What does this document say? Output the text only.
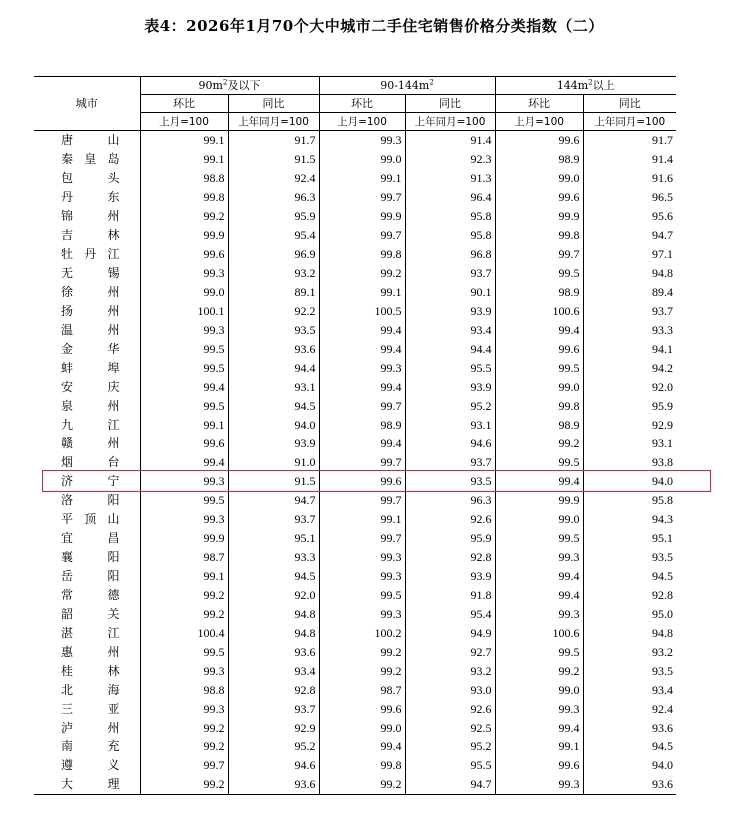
表4：2026年1月70个大中城市二手住宅销售价格分类指数（二）
城市	$90m^2$及以下		$90-144m^2$		$144m^2$以上	
	环比	同比	环比	同比	环比	同比
	上月=100	上年同月=100	上月=100	上年同月=100	上月=100	上年同月=100
唐山	99.1	91.7	99.3	91.4	99.6	91.7
秦皇岛	99.1	91.5	99.0	92.3	98.9	91.4
包头	98.8	92.4	99.1	91.3	99.0	91.6
丹东	99.8	96.3	99.7	96.4	99.6	96.5
锦州	99.2	95.9	99.9	95.8	99.9	95.6
吉林	99.9	95.4	99.7	95.8	99.8	94.7
牡丹江	99.6	96.9	99.8	96.8	99.7	97.1
无锡	99.3	93.2	99.2	93.7	99.5	94.8
徐州	99.0	89.1	99.1	90.1	98.9	89.4
扬州	100.1	92.2	100.5	93.9	100.6	93.7
温州	99.3	93.5	99.4	93.4	99.4	93.3
金华	99.5	93.6	99.4	94.4	99.6	94.1
蚌埠	99.5	94.4	99.3	95.5	99.5	94.2
安庆	99.4	93.1	99.4	93.9	99.0	92.0
泉州	99.5	94.5	99.7	95.2	99.8	95.9
九江	99.1	94.0	98.9	93.1	98.9	92.9
赣州	99.6	93.9	99.4	94.6	99.2	93.1
烟台	99.4	91.0	99.7	93.7	99.5	93.8
济宁	99.3	91.5	99.6	93.5	99.4	94.0
洛阳	99.5	94.7	99.7	96.3	99.9	95.8
平顶山	99.3	93.7	99.1	92.6	99.0	94.3
宜昌	99.9	95.1	99.7	95.9	99.5	95.1
襄阳	98.7	93.3	99.3	92.8	99.3	93.5
岳阳	99.1	94.5	99.3	93.9	99.4	94.5
常德	99.2	92.0	99.5	91.8	99.4	92.8
韶关	99.2	94.8	99.3	95.4	99.3	95.0
湛江	100.4	94.8	100.2	94.9	100.6	94.8
惠州	99.5	93.6	99.2	92.7	99.5	93.2
桂林	99.3	93.4	99.2	93.2	99.2	93.5
北海	98.8	92.8	98.7	93.0	99.0	93.4
三亚	99.3	93.7	99.6	92.6	99.3	92.4
泸州	99.2	92.9	99.0	92.5	99.4	93.6
南充	99.2	95.2	99.4	95.2	99.1	94.5
遵义	99.7	94.6	99.8	95.5	99.6	94.0
大理	99.2	93.6	99.2	94.7	99.3	93.6
